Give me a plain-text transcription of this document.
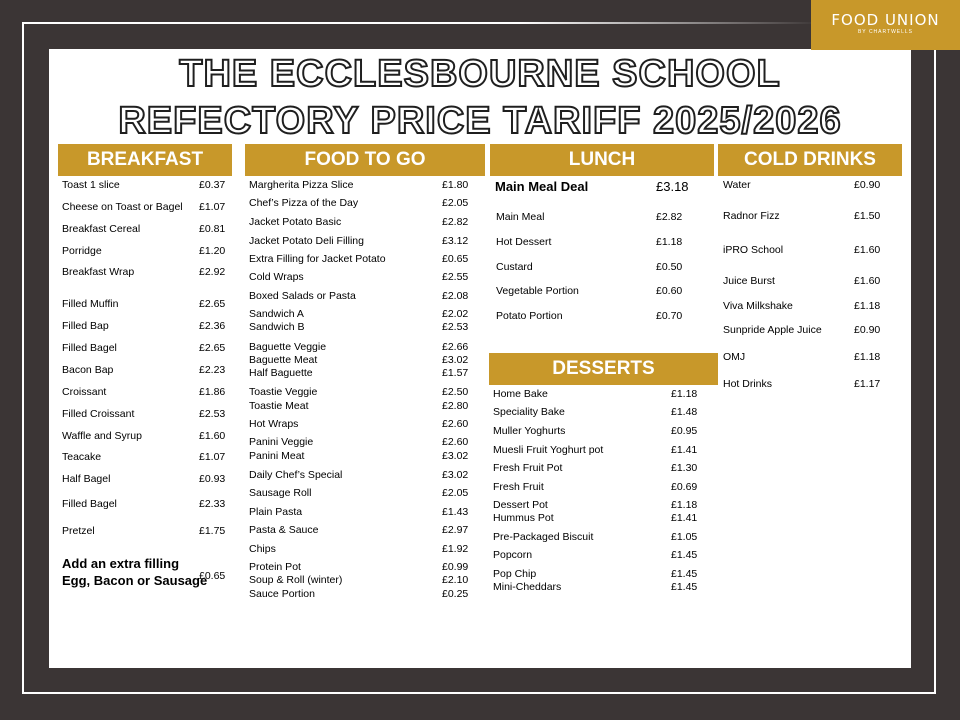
FOOD UNION
BY CHARTWELLS
THE ECCLESBOURNE SCHOOL
REFECTORY PRICE TARIFF 2025/2026
BREAKFAST	FOOD TO GO	LUNCH	COLD DRINKS
DESSERTS
Toast 1 slice	£0.37
Cheese on Toast or Bagel £1.07
Breakfast Cereal	£0.81
Porridge	£1.20
Breakfast Wrap	£2.92
Filled Muffin	£2.65
Filled Bap	£2.36
Filled Bagel	£2.65
Bacon Bap	£2.23
Croissant	£1.86
Filled Croissant	£2.53
Waffle and Syrup	£1.60
Teacake	£1.07
Half Bagel	£0.93
Filled Bagel	£2.33
Pretzel	£1.75
Margherita Pizza Slice	£1.80
Chef’s Pizza of the Day	£2.05
Jacket Potato Basic	£2.82
Jacket Potato Deli Filling	£3.12
Extra Filling for Jacket Potato	£0.65
Cold Wraps	£2.55
Boxed Salads or Pasta	£2.08
Sandwich A	£2.02
Sandwich B	£2.53
Baguette Veggie	£2.66
Baguette Meat	£3.02
Half Baguette	£1.57
Toastie Veggie	£2.50
Toastie Meat	£2.80
Hot Wraps	£2.60
Panini Veggie	£2.60
Panini Meat	£3.02
Daily Chef’s Special	£3.02
Sausage Roll	£2.05
Plain Pasta	£1.43
Pasta & Sauce	£2.97
Chips	£1.92
Protein Pot	£0.99
Soup & Roll (winter)	£2.10
Sauce Portion	£0.25
Main Meal	£2.82
Hot Dessert	£1.18
Custard	£0.50
Vegetable Portion	£0.60
Potato Portion	£0.70
Home Bake	£1.18
Speciality Bake	£1.48
Muller Yoghurts	£0.95
Muesli Fruit Yoghurt pot	£1.41
Fresh Fruit Pot	£1.30
Fresh Fruit	£0.69
Dessert Pot	£1.18
Hummus Pot	£1.41
Pre-Packaged Biscuit	£1.05
Popcorn	£1.45
Pop Chip	£1.45
Mini-Cheddars	£1.45
Water	£0.90
Radnor Fizz	£1.50
iPRO School	£1.60
Juice Burst	£1.60
Viva Milkshake	£1.18
Sunpride Apple Juice	£0.90
OMJ	£1.18
Hot Drinks	£1.17
Add an extra filling
Egg, Bacon or Sausage
£0.65
Main Meal Deal	£3.18
